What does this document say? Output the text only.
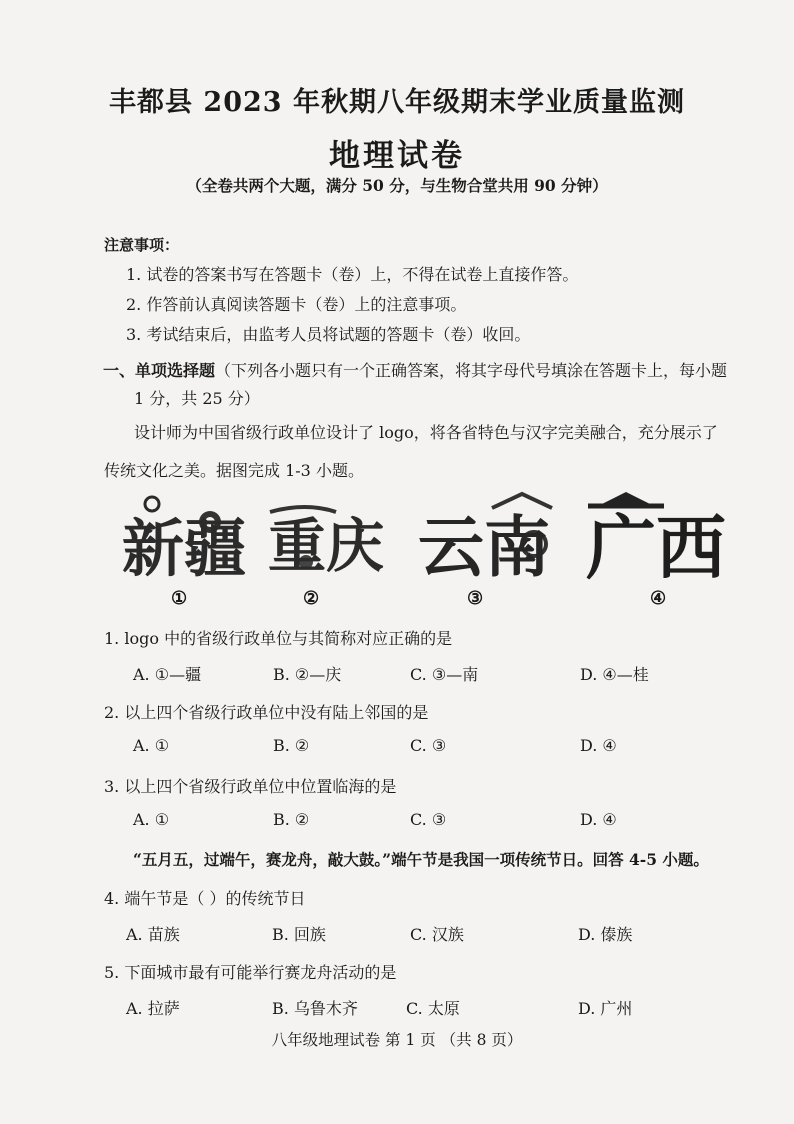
丰都县 2023 年秋期八年级期末学业质量监测
地理试卷
（全卷共两个大题，满分 50 分，与生物合堂共用 90 分钟）
注意事项：
1. 试卷的答案书写在答题卡（卷）上，不得在试卷上直接作答。
2. 作答前认真阅读答题卡（卷）上的注意事项。
3. 考试结束后，由监考人员将试题的答题卡（卷）收回。
一、单项选择题（下列各小题只有一个正确答案，将其字母代号填涂在答题卡上，每小题
1 分，共 25 分）
设计师为中国省级行政单位设计了 logo，将各省特色与汉字完美融合，充分展示了
传统文化之美。据图完成 1-3 小题。
新疆 重庆 云南 广西
①	②	③	④
1. logo 中的省级行政单位与其简称对应正确的是
A. ①—疆	B. ②—庆	C. ③—南	D. ④—桂
2. 以上四个省级行政单位中没有陆上邻国的是
A. ①	B. ②	C. ③	D. ④
3. 以上四个省级行政单位中位置临海的是
A. ①	B. ②	C. ③	D. ④
“五月五，过端午，赛龙舟，敲大鼓。”端午节是我国一项传统节日。回答 4-5 小题。
4. 端午节是（ ）的传统节日
A. 苗族	B. 回族	C. 汉族	D. 傣族
5. 下面城市最有可能举行赛龙舟活动的是
A. 拉萨	B. 乌鲁木齐	C. 太原	D. 广州
八年级地理试卷 第 1 页 （共 8 页）
